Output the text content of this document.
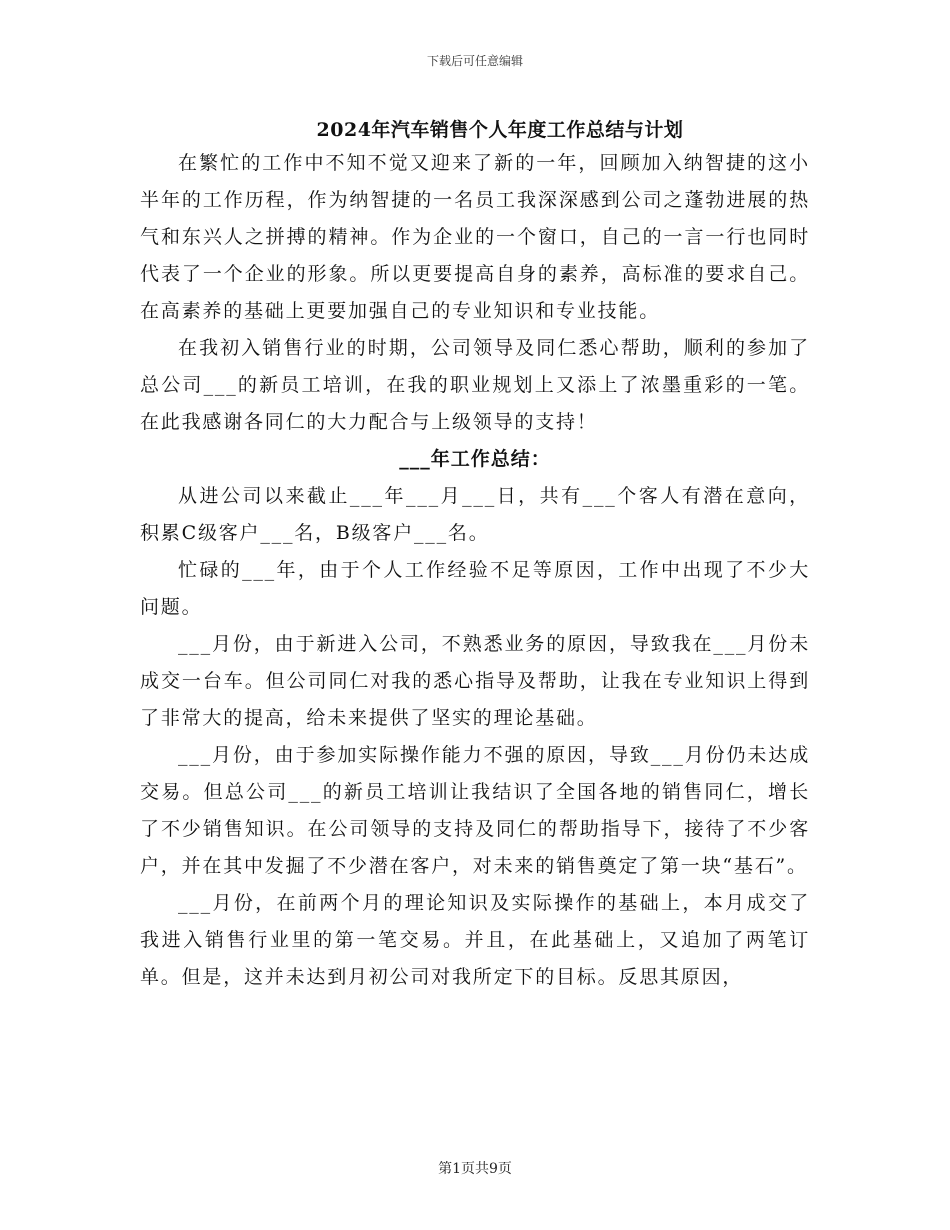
下载后可任意编辑
2024年汽车销售个人年度工作总结与计划

在繁忙的工作中不知不觉又迎来了新的一年，回顾加入纳智捷的这小半年的工作历程，作为纳智捷的一名员工我深深感到公司之蓬勃进展的热气和东兴人之拼搏的精神。作为企业的一个窗口，自己的一言一行也同时代表了一个企业的形象。所以更要提高自身的素养，高标准的要求自己。在高素养的基础上更要加强自己的专业知识和专业技能。

在我初入销售行业的时期，公司领导及同仁悉心帮助，顺利的参加了总公司___的新员工培训，在我的职业规划上又添上了浓墨重彩的一笔。在此我感谢各同仁的大力配合与上级领导的支持！

___年工作总结：

从进公司以来截止___年___月___日，共有___个客人有潜在意向，积累C级客户___名，B级客户___名。

忙碌的___年，由于个人工作经验不足等原因，工作中出现了不少大问题。

___月份，由于新进入公司，不熟悉业务的原因，导致我在___月份未成交一台车。但公司同仁对我的悉心指导及帮助，让我在专业知识上得到了非常大的提高，给未来提供了坚实的理论基础。

___月份，由于参加实际操作能力不强的原因，导致___月份仍未达成交易。但总公司___的新员工培训让我结识了全国各地的销售同仁，增长了不少销售知识。在公司领导的支持及同仁的帮助指导下，接待了不少客户，并在其中发掘了不少潜在客户，对未来的销售奠定了第一块“基石”。

___月份，在前两个月的理论知识及实际操作的基础上，本月成交了我进入销售行业里的第一笔交易。并且，在此基础上，又追加了两笔订单。但是，这并未达到月初公司对我所定下的目标。反思其原因，

第1页共9页
